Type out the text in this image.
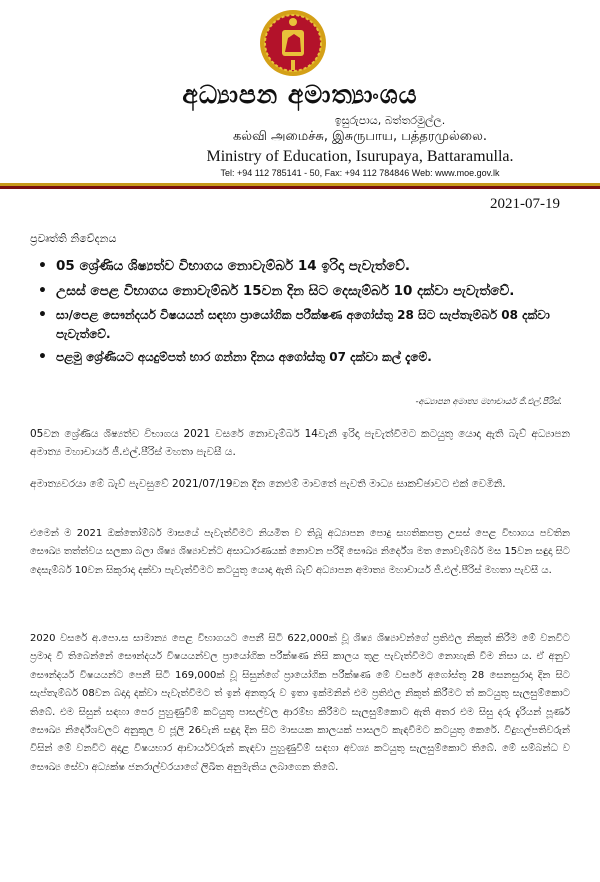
අධ්‍යාපන අමාත්‍යාංශය
ඉසුරුපාය, බත්තරමුල්ල.
கல்வி அமைச்சு, இசுருபாய, பத்தரமுல்லை.
Ministry of Education, Isurupaya, Battaramulla.
Tel: +94 112 785141 - 50, Fax: +94 112 784846 Web: www.moe.gov.lk
2021-07-19
ප්‍රවෘත්ති නිවේදනය
• 05 ශ්‍රේණිය ශිෂ්‍යත්ව විභාගය නොවැම්බර් 14 ඉරිදා පැවැත්වේ.
• උසස් පෙළ විභාගය නොවැම්බර් 15වන දින සිට දෙසැම්බර් 10 දක්වා පැවැත්වේ.
• සා/පෙළ සෞන්දර්ය විෂයයන් සඳහා ප්‍රායෝගික පරීක්ෂණ අගෝස්තු 28 සිට සැප්තැම්බර් 08 දක්වා පැවැත්වේ.
• පළමු ශ්‍රේණියට අයදුම්පත් භාර ගන්නා දිනය අගෝස්තු 07 දක්වා කල් දැමේ.
-අධ්‍යාපන අමාත්‍ය මහාචාර්ය ජී.එල්.පීරිස්.

05වන ශ්‍රේණිය ශිෂ්‍යත්ව විභාගය 2021 වසරේ නොවැම්බර් 14වැනි ඉරිදා පැවැත්වීමට කටයුතු යොදා ඇති බැව් අධ්‍යාපන අමාත්‍ය මහාචාර්ය ජී.එල්.පීරිස් මහතා පැවසී ය.

අමාත්‍යවරයා මේ බැව් පැවසුවේ 2021/07/19වන දින නෙළුම් මාවතේ පැවති මාධ්‍ය සාකච්ඡාවට එක් වෙමිනි.

එමෙන් ම 2021 ඔක්තෝම්බර් මාසයේ පැවැත්වීමට නියමිත ව තිබූ අධ්‍යාපන පොදු සහතිකපත්‍ර උසස් පෙළ විභාගය පවතින සෞඛ්‍ය තත්ත්වය සලකා බලා ශිෂ්‍ය ශිෂ්‍යාවන්ට අසාධාරණයක් නොවන පරිදි සෞඛ්‍ය නිර්දේශ මත නොවැම්බර් මස 15වන සඳුදා සිට දෙසැම්බර් 10වන සිකුරාදා දක්වා පැවැත්වීමට කටයුතු යොදා ඇති බැව් අධ්‍යාපන අමාත්‍ය මහාචාර්ය ජී.එල්.පීරිස් මහතා පැවසී ය.

2020 වසරේ අ.පො.ස සාමාන්‍ය පෙළ විභාගයට පෙනී සිටි 622,000ක් වූ ශිෂ්‍ය ශිෂ්‍යාවන්ගේ ප්‍රතිඵල නිකුත් කිරීම මේ වනවිට ප්‍රමාද වී තිබෙන්නේ සෞන්දර්ය විෂයයන්වල ප්‍රායෝගික පරීක්ෂණ නිසි කාලය තුළ පැවැත්වීමට නොහැකි වීම නිසා ය. ඒ අනුව සෞන්දර්ය විෂයයන්ට පෙනී සිටි 169,000ක් වූ සිසුන්ගේ ප්‍රායෝගික පරීක්ෂණ මේ වසරේ අගෝස්තු 28 සෙනසුරාදා දින සිට සැප්තැම්බර් 08වන බදාදා දක්වා පැවැත්වීමට ත් ඉන් අනතුරු ව ඉතා ඉක්මනින් එම ප්‍රතිඵල නිකුත් කිරීමට ත් කටයුතු සැලසුම්කොට තිබේ. එම සිසුන් සඳහා පෙර පුහුණුවීම් කටයුතු පාසල්වල ආරම්භ කිරීමට සැලසුම්කොට ඇති අතර එම සිසු දරු දැරියන් පූර්ණ සෞඛ්‍ය නිර්දේශවලට අනුකූල ව ජූලි 26වැනි සඳුදා දින සිට මාසයක කාලයක් පාසලට කැඳවීමට කටයුතු කෙරේ. විදුහල්පතිවරුන් විසින් මේ වනවිට අදාළ විෂයභාර ආචාර්යවරුන් කැඳවා පුහුණුවීම් සඳහා අවශ්‍ය කටයුතු සැලසුම්කොට තිබේ. මේ සම්බන්ධ ව සෞඛ්‍ය සේවා අධ්‍යක්ෂ ජනරාල්වරයාගේ ලිඛිත අනුමැතිය ලබාගෙන තිබේ.
